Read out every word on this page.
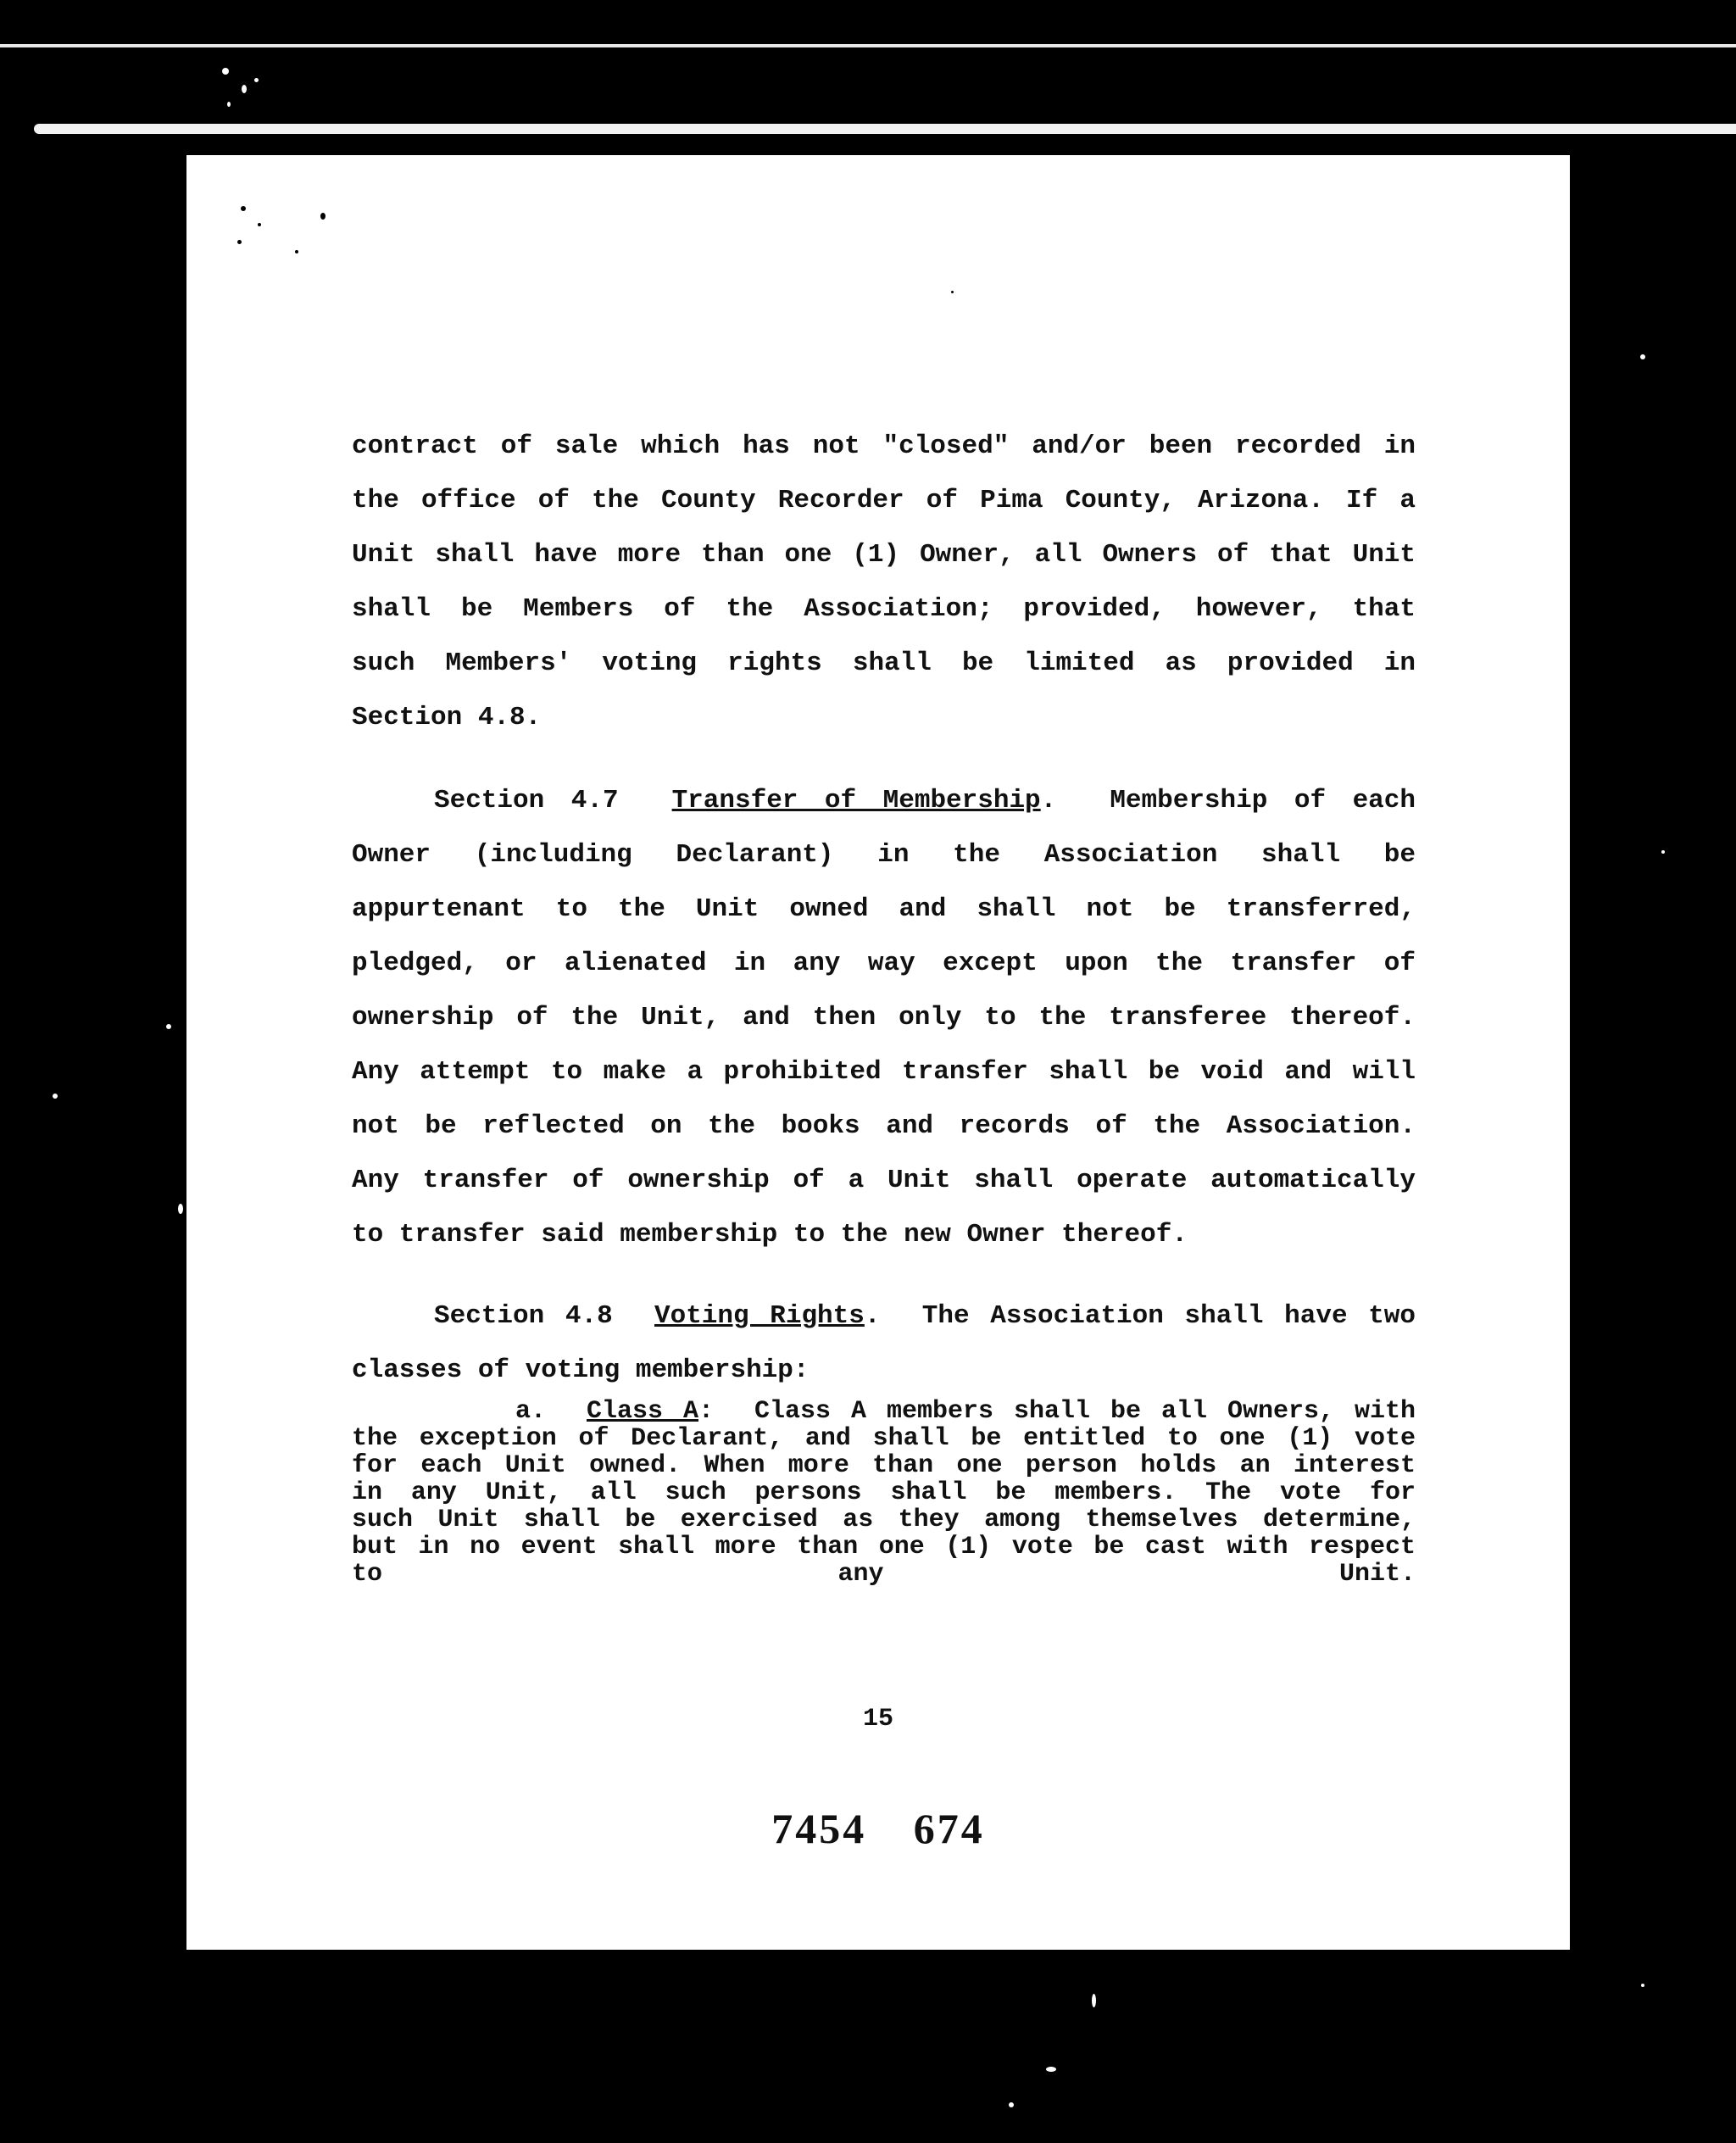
contract of sale which has not "closed" and/or been recorded in
the office of the County Recorder of Pima County, Arizona. If a
Unit shall have more than one (1) Owner, all Owners of that Unit
shall be Members of the Association; provided, however, that
such Members' voting rights shall be limited as provided in
Section 4.8.
Section 4.7 Transfer of Membership.  Membership of each
Owner (including Declarant) in the Association shall be
appurtenant to the Unit owned and shall not be transferred,
pledged, or alienated in any way except upon the transfer of
ownership of the Unit, and then only to the transferee thereof.
Any attempt to make a prohibited transfer shall be void and will
not be reflected on the books and records of the Association.
Any transfer of ownership of a Unit shall operate automatically
to transfer said membership to the new Owner thereof.
Section 4.8 Voting Rights.  The Association shall have two
classes of voting membership:
a. Class A:  Class A members shall be all Owners, with
the exception of Declarant, and shall be entitled to one (1) vote
for each Unit owned. When more than one person holds an interest
in any Unit, all such persons shall be members. The vote for
such Unit shall be exercised as they among themselves determine,
but in no event shall more than one (1) vote be cast with respect
to any Unit.
15
7454 674
